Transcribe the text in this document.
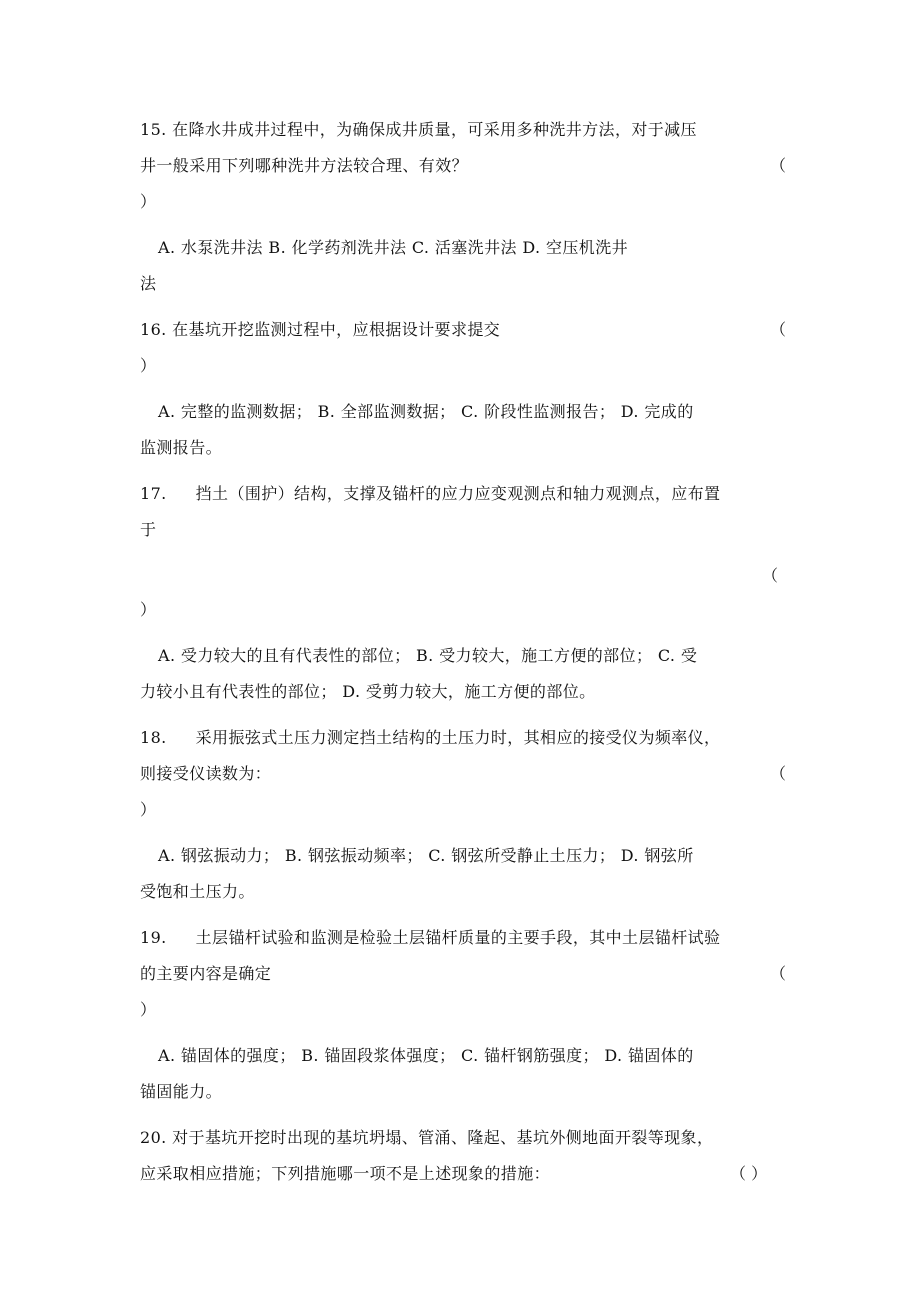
15. 在降水井成井过程中，为确保成井质量，可采用多种洗井方法，对于减压
井一般采用下列哪种洗井方法较合理、有效？	（
）
A. 水泵洗井法 B. 化学药剂洗井法 C. 活塞洗井法 D. 空压机洗井
法
16. 在基坑开挖监测过程中，应根据设计要求提交	（
）
A. 完整的监测数据； B. 全部监测数据； C. 阶段性监测报告； D. 完成的
监测报告。
17. 挡土（围护）结构，支撑及锚杆的应力应变观测点和轴力观测点，应布置
于
（
）
A. 受力较大的且有代表性的部位； B. 受力较大，施工方便的部位； C. 受
力较小且有代表性的部位； D. 受剪力较大，施工方便的部位。
18. 采用振弦式土压力测定挡土结构的土压力时，其相应的接受仪为频率仪，
则接受仪读数为：	（
）
A. 钢弦振动力； B. 钢弦振动频率； C. 钢弦所受静止土压力； D. 钢弦所
受饱和土压力。
19. 土层锚杆试验和监测是检验土层锚杆质量的主要手段，其中土层锚杆试验
的主要内容是确定	（
）
A. 锚固体的强度； B. 锚固段浆体强度； C. 锚杆钢筋强度； D. 锚固体的
锚固能力。
20. 对于基坑开挖时出现的基坑坍塌、管涌、隆起、基坑外侧地面开裂等现象，
应采取相应措施；下列措施哪一项不是上述现象的措施：	（ ）
